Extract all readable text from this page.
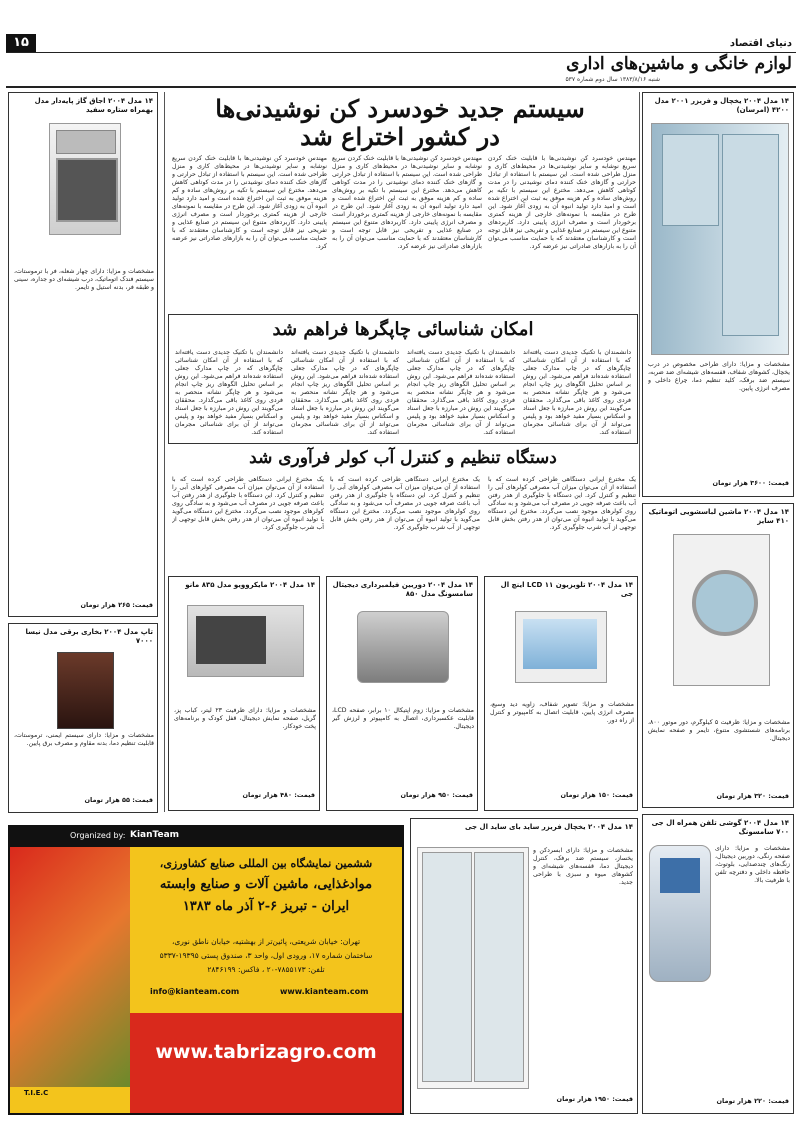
۱۵	دنیای اقتصاد
لوازم خانگی و ماشین‌های اداری
شنبه ۱۳۸۳/۸/۱۶ سال دوم شماره ۵۳۷
۱۴ مدل ۲۰۰۴ اجاق گاز پایه‌دار مدل بهمراه ستاره سفید
مشخصات و مزایا: دارای چهار شعله، فر با ترموستات، سیستم فندک اتوماتیک، درب شیشه‌ای دو جداره، سینی و طبقه فر، بدنه استیل و تایمر.
قیمت: ۲۶۵ هزار تومان
تاپ مدل ۲۰۰۴ بخاری برقی مدل نیسا ۷۰۰۰
مشخصات و مزایا: دارای سیستم ایمنی، ترموستات، قابلیت تنظیم دما، بدنه مقاوم و مصرف برق پایین.
قیمت: ۵۵ هزار تومان
۱۴ مدل ۲۰۰۴ یخچال و فریزر ۲۰۰۱ مدل ۴۲۰۰ (امرسان)
مشخصات و مزایا: دارای طراحی مخصوص در درب یخچال، کشوهای شفاف، قفسه‌های شیشه‌ای ضد ضربه، سیستم ضد برفک، کلید تنظیم دما، چراغ داخلی و مصرف انرژی پایین.
قیمت: ۳۶۰۰ هزار تومان
۱۴ مدل ۲۰۰۴ ماشین لباسشویی اتوماتیک ۴۱۰ سایز
مشخصات و مزایا: ظرفیت ۵ کیلوگرم، دور موتور ۸۰۰، برنامه‌های شستشوی متنوع، تایمر و صفحه نمایش دیجیتال.
قیمت: ۳۲۰ هزار تومان
۱۴ مدل ۲۰۰۴ گوشی تلفن همراه ال جی ۷۰۰ سامسونگ
مشخصات و مزایا: دارای صفحه رنگی، دوربین دیجیتال، زنگ‌های چندصدایی، بلوتوث، حافظه داخلی و دفترچه تلفن با ظرفیت بالا.
قیمت: ۲۲۰ هزار تومان
سیستم جدید خودسرد کن نوشیدنی‌ها
در کشور اختراع شد
مهندس خودسرد کن نوشیدنی‌ها با قابلیت خنک کردن سریع نوشابه و سایر نوشیدنی‌ها در محیط‌های کاری و منزل طراحی شده است. این سیستم با استفاده از تبادل حرارتی و گازهای خنک کننده دمای نوشیدنی را در مدت کوتاهی کاهش می‌دهد. مخترع این سیستم با تکیه بر روش‌های ساده و کم هزینه موفق به ثبت این اختراع شده است و امید دارد تولید انبوه آن به زودی آغاز شود. این طرح در مقایسه با نمونه‌های خارجی از هزینه کمتری برخوردار است و مصرف انرژی پایینی دارد. کاربردهای متنوع این سیستم در صنایع غذایی و تفریحی نیز قابل توجه است و کارشناسان معتقدند که با حمایت مناسب می‌توان آن را به بازارهای صادراتی نیز عرضه کرد.
مهندس خودسرد کن نوشیدنی‌ها با قابلیت خنک کردن سریع نوشابه و سایر نوشیدنی‌ها در محیط‌های کاری و منزل طراحی شده است. این سیستم با استفاده از تبادل حرارتی و گازهای خنک کننده دمای نوشیدنی را در مدت کوتاهی کاهش می‌دهد. مخترع این سیستم با تکیه بر روش‌های ساده و کم هزینه موفق به ثبت این اختراع شده است و امید دارد تولید انبوه آن به زودی آغاز شود. این طرح در مقایسه با نمونه‌های خارجی از هزینه کمتری برخوردار است و مصرف انرژی پایینی دارد. کاربردهای متنوع این سیستم در صنایع غذایی و تفریحی نیز قابل توجه است و کارشناسان معتقدند که با حمایت مناسب می‌توان آن را به بازارهای صادراتی نیز عرضه کرد.
مهندس خودسرد کن نوشیدنی‌ها با قابلیت خنک کردن سریع نوشابه و سایر نوشیدنی‌ها در محیط‌های کاری و منزل طراحی شده است. این سیستم با استفاده از تبادل حرارتی و گازهای خنک کننده دمای نوشیدنی را در مدت کوتاهی کاهش می‌دهد. مخترع این سیستم با تکیه بر روش‌های ساده و کم هزینه موفق به ثبت این اختراع شده است و امید دارد تولید انبوه آن به زودی آغاز شود. این طرح در مقایسه با نمونه‌های خارجی از هزینه کمتری برخوردار است و مصرف انرژی پایینی دارد. کاربردهای متنوع این سیستم در صنایع غذایی و تفریحی نیز قابل توجه است و کارشناسان معتقدند که با حمایت مناسب می‌توان آن را به بازارهای صادراتی نیز عرضه کرد.
امکان شناسائی چاپگرها فراهم شد
دانشمندان با تکنیک جدیدی دست یافته‌اند که با استفاده از آن امکان شناسائی چاپگرهای که در چاپ مدارک جعلی استفاده شده‌اند فراهم می‌شود. این روش بر اساس تحلیل الگوهای ریز چاپ انجام می‌شود و هر چاپگر نشانه منحصر به فردی روی کاغذ باقی می‌گذارد. محققان می‌گویند این روش در مبارزه با جعل اسناد و اسکناس بسیار مفید خواهد بود و پلیس می‌تواند از آن برای شناسائی مجرمان استفاده کند.
دانشمندان با تکنیک جدیدی دست یافته‌اند که با استفاده از آن امکان شناسائی چاپگرهای که در چاپ مدارک جعلی استفاده شده‌اند فراهم می‌شود. این روش بر اساس تحلیل الگوهای ریز چاپ انجام می‌شود و هر چاپگر نشانه منحصر به فردی روی کاغذ باقی می‌گذارد. محققان می‌گویند این روش در مبارزه با جعل اسناد و اسکناس بسیار مفید خواهد بود و پلیس می‌تواند از آن برای شناسائی مجرمان استفاده کند.
دانشمندان با تکنیک جدیدی دست یافته‌اند که با استفاده از آن امکان شناسائی چاپگرهای که در چاپ مدارک جعلی استفاده شده‌اند فراهم می‌شود. این روش بر اساس تحلیل الگوهای ریز چاپ انجام می‌شود و هر چاپگر نشانه منحصر به فردی روی کاغذ باقی می‌گذارد. محققان می‌گویند این روش در مبارزه با جعل اسناد و اسکناس بسیار مفید خواهد بود و پلیس می‌تواند از آن برای شناسائی مجرمان استفاده کند.
دانشمندان با تکنیک جدیدی دست یافته‌اند که با استفاده از آن امکان شناسائی چاپگرهای که در چاپ مدارک جعلی استفاده شده‌اند فراهم می‌شود. این روش بر اساس تحلیل الگوهای ریز چاپ انجام می‌شود و هر چاپگر نشانه منحصر به فردی روی کاغذ باقی می‌گذارد. محققان می‌گویند این روش در مبارزه با جعل اسناد و اسکناس بسیار مفید خواهد بود و پلیس می‌تواند از آن برای شناسائی مجرمان استفاده کند.
دستگاه تنظیم و کنترل آب کولر فرآوری شد
یک مخترع ایرانی دستگاهی طراحی کرده است که با استفاده از آن می‌توان میزان آب مصرفی کولرهای آبی را تنظیم و کنترل کرد. این دستگاه با جلوگیری از هدر رفتن آب باعث صرفه جویی در مصرف آب می‌شود و به سادگی روی کولرهای موجود نصب می‌گردد. مخترع این دستگاه می‌گوید با تولید انبوه آن می‌توان از هدر رفتن بخش قابل توجهی از آب شرب جلوگیری کرد.
یک مخترع ایرانی دستگاهی طراحی کرده است که با استفاده از آن می‌توان میزان آب مصرفی کولرهای آبی را تنظیم و کنترل کرد. این دستگاه با جلوگیری از هدر رفتن آب باعث صرفه جویی در مصرف آب می‌شود و به سادگی روی کولرهای موجود نصب می‌گردد. مخترع این دستگاه می‌گوید با تولید انبوه آن می‌توان از هدر رفتن بخش قابل توجهی از آب شرب جلوگیری کرد.
یک مخترع ایرانی دستگاهی طراحی کرده است که با استفاده از آن می‌توان میزان آب مصرفی کولرهای آبی را تنظیم و کنترل کرد. این دستگاه با جلوگیری از هدر رفتن آب باعث صرفه جویی در مصرف آب می‌شود و به سادگی روی کولرهای موجود نصب می‌گردد. مخترع این دستگاه می‌گوید با تولید انبوه آن می‌توان از هدر رفتن بخش قابل توجهی از آب شرب جلوگیری کرد.
۱۴ مدل ۲۰۰۴ مایکروویو مدل ۸۳۵ مانو
مشخصات و مزایا: دارای ظرفیت ۲۳ لیتر، کباب پز، گریل، صفحه نمایش دیجیتال، قفل کودک و برنامه‌های پخت خودکار.
قیمت: ۴۸۰ هزار تومان
۱۴ مدل ۲۰۰۴ دوربین فیلمبرداری دیجیتال سامسونگ مدل ۸۵۰
مشخصات و مزایا: زوم اپتیکال ۱۰ برابر، صفحه LCD، قابلیت عکسبرداری، اتصال به کامپیوتر و لرزش گیر دیجیتال.
قیمت: ۹۵۰ هزار تومان
۱۴ مدل ۲۰۰۴ تلویزیون LCD ۱۱ اینچ ال جی
مشخصات و مزایا: تصویر شفاف، زاویه دید وسیع، مصرف انرژی پایین، قابلیت اتصال به کامپیوتر و کنترل از راه دور.
قیمت: ۱۵۰ هزار تومان
۱۴ مدل ۲۰۰۴ یخچال فریزر ساید بای ساید ال جی
مشخصات و مزایا: دارای آبسردکن و یخساز، سیستم ضد برفک، کنترل دیجیتال دما، قفسه‌های شیشه‌ای و کشوهای میوه و سبزی با طراحی جدید.
قیمت: ۱۹۵۰ هزار تومان
Organized by: KianTeam
ششمین نمایشگاه بین المللی صنایع کشاورزی،
موادغذایی، ماشین آلات و صنایع وابسته
ایران - تبریز ۶-۲ آذر ماه ۱۳۸۳
تهران: خیابان شریعتی، پائین‌تر از بهشتیه، خیابان ناطق نوری،
ساختمان شماره ۱۷، ورودی اول، واحد ۳، صندوق پستی ۱۹۳۹۵-۵۳۳۷
تلفن: ۷۸۵۵۱۷۳-۲۰ ، فاکس: ۲۸۴۶۱۹۹
www.kianteam.com
info@kianteam.com
www.tabrizagro.com
T.I.E.C
